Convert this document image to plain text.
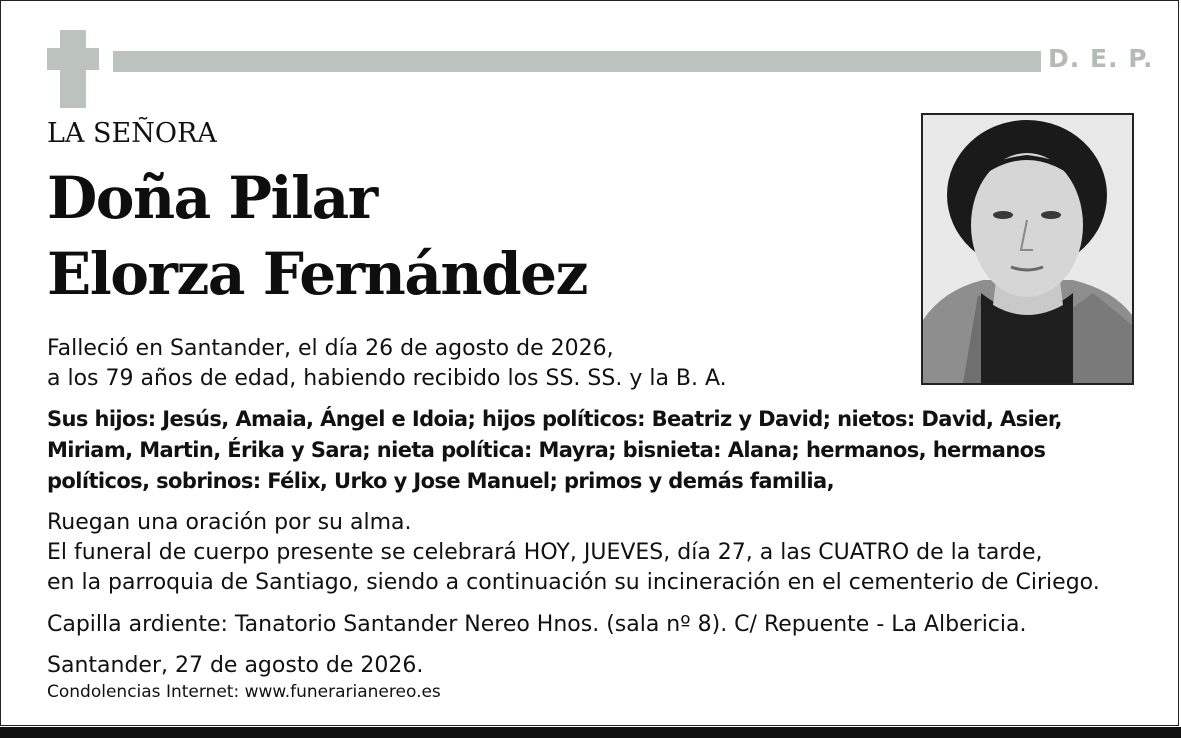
D. E. P.
LA SEÑORA
Doña Pilar
Elorza Fernández
Falleció en Santander, el día 26 de agosto de 2026,
a los 79 años de edad, habiendo recibido los SS. SS. y la B. A.
Sus hijos: Jesús, Amaia, Ángel e Idoia; hijos políticos: Beatriz y David; nietos: David, Asier,
Miriam, Martin, Érika y Sara; nieta política: Mayra; bisnieta: Alana; hermanos, hermanos
políticos, sobrinos: Félix, Urko y Jose Manuel; primos y demás familia,
Ruegan una oración por su alma.
El funeral de cuerpo presente se celebrará HOY, JUEVES, día 27, a las CUATRO de la tarde,
en la parroquia de Santiago, siendo a continuación su incineración en el cementerio de Ciriego.
Capilla ardiente: Tanatorio Santander Nereo Hnos. (sala nº 8). C/ Repuente - La Albericia.
Santander, 27 de agosto de 2026.
Condolencias Internet: www.funerarianereo.es
